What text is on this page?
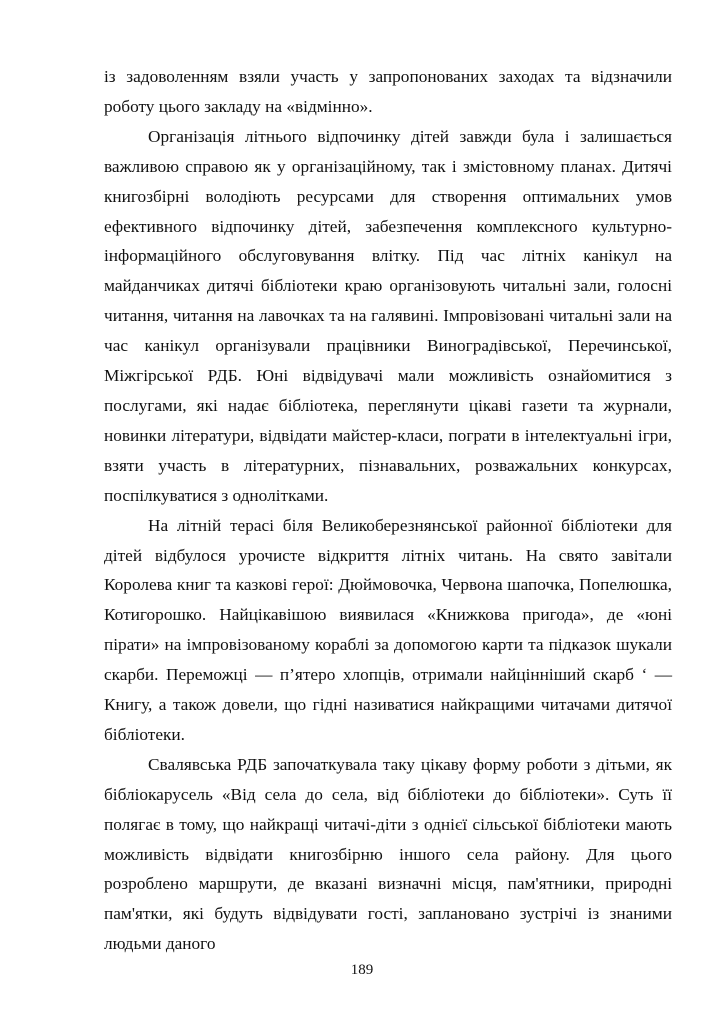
із задоволенням взяли участь у запропонованих заходах та відзначили роботу цього закладу на «відмінно».

Організація літнього відпочинку дітей завжди була і залишається важливою справою як у організаційному, так і змістовному планах. Дитячі книгозбірні володіють ресурсами для створення оптимальних умов ефективного відпочинку дітей, забезпечення комплексного культурно-інформаційного обслуговування влітку. Під час літніх канікул на майданчиках дитячі бібліотеки краю організовують читальні зали, голосні читання, читання на лавочках та на галявині. Імпровізовані читальні зали на час канікул організували працівники Виноградівської, Перечинської, Міжгірської РДБ. Юні відвідувачі мали можливість ознайомитися з послугами, які надає бібліотека, переглянути цікаві газети та журнали, новинки літератури, відвідати майстер-класи, пограти в інтелектуальні ігри, взяти участь в літературних, пізнавальних, розважальних конкурсах, поспілкуватися з однолітками.

На літній терасі біля Великоберезнянської районної бібліотеки для дітей відбулося урочисте відкриття літніх читань. На свято завітали Королева книг та казкові герої: Дюймовочка, Червона шапочка, Попелюшка, Котигорошко. Найцікавішою виявилася «Книжкова пригода», де «юні пірати» на імпровізованому кораблі за допомогою карти та підказок шукали скарби. Переможці — п’ятеро хлопців, отримали найцінніший скарб ‘ — Книгу, а також довели, що гідні називатися найкращими читачами дитячої бібліотеки.

Свалявська РДБ започаткувала таку цікаву форму роботи з дітьми, як бібліокарусель «Від села до села, від бібліотеки до бібліотеки». Суть її полягає в тому, що найкращі читачі-діти з однієї сільської бібліотеки мають можливість відвідати книгозбірню іншого села району. Для цього розроблено маршрути, де вказані визначні місця, пам'ятники, природні пам'ятки, які будуть відвідувати гості, заплановано зустрічі із знаними людьми даного

189
